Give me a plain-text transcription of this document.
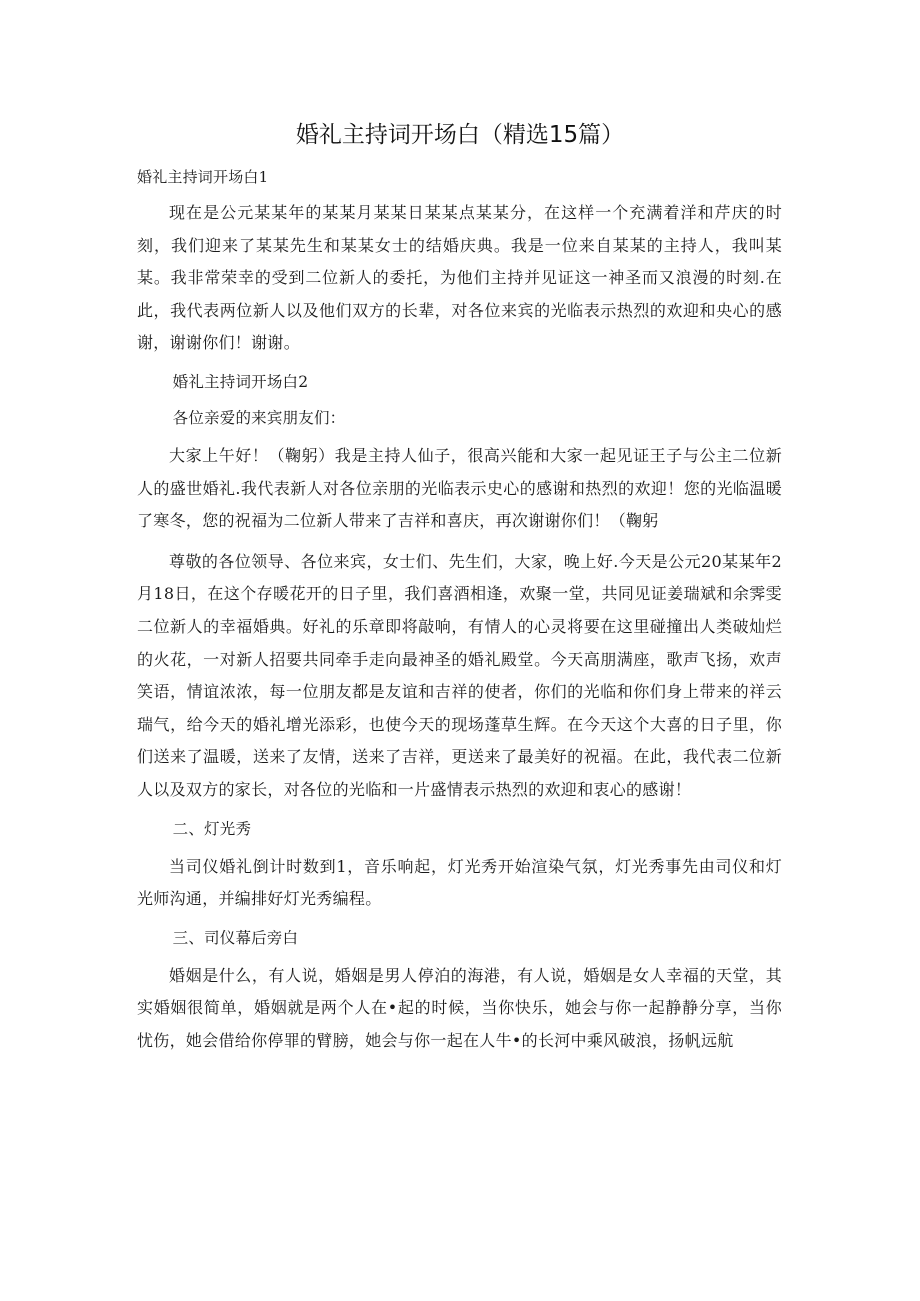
婚礼主持词开场白（精选15篇）
婚礼主持词开场白1

现在是公元某某年的某某月某某日某某点某某分，在这样一个充满着洋和芹庆的时刻，我们迎来了某某先生和某某女士的结婚庆典。我是一位来自某某的主持人，我叫某某。我非常荣幸的受到二位新人的委托，为他们主持并见证这一神圣而又浪漫的时刻.在此，我代表两位新人以及他们双方的长辈，对各位来宾的光临表示热烈的欢迎和央心的感谢，谢谢你们！谢谢。

婚礼主持词开场白2
各位亲爱的来宾朋友们：

大家上午好！（鞠躬）我是主持人仙子，很高兴能和大家一起见证王子与公主二位新人的盛世婚礼.我代表新人对各位亲朋的光临表示史心的感谢和热烈的欢迎！您的光临温暖了寒冬，您的祝福为二位新人带来了吉祥和喜庆，再次谢谢你们！（鞠躬

尊敬的各位领导、各位来宾，女士们、先生们，大家，晚上好.今天是公元20某某年2月18日，在这个存暖花开的日子里，我们喜酒相逢，欢聚一堂，共同见证姜瑞斌和余霁雯二位新人的幸福婚典。好礼的乐章即将敲响，有情人的心灵将要在这里碰撞出人类破灿烂的火花，一对新人招要共同牵手走向最神圣的婚礼殿堂。今天高朋满座，歌声飞扬，欢声笑语，情谊浓浓，每一位朋友都是友谊和吉祥的使者，你们的光临和你们身上带来的祥云瑞气，给今天的婚礼增光添彩，也使今天的现场蓬草生辉。在今天这个大喜的日子里，你们送来了温暖，送来了友情，送来了吉祥，更送来了最美好的祝福。在此，我代表二位新人以及双方的家长，对各位的光临和一片盛情表示热烈的欢迎和衷心的感谢！

二、灯光秀

当司仪婚礼倒计时数到1，音乐响起，灯光秀开始渲染气氛，灯光秀事先由司仪和灯光师沟通，并编排好灯光秀编程。

三、司仪幕后旁白

婚姻是什么，有人说，婚姻是男人停泊的海港，有人说，婚姻是女人幸福的天堂，其实婚姻很简单，婚姻就是两个人在•起的时候，当你快乐，她会与你一起静静分享，当你忧伤，她会借给你停罪的臂膀，她会与你一起在人牛•的长河中乘风破浪，扬帆远航
